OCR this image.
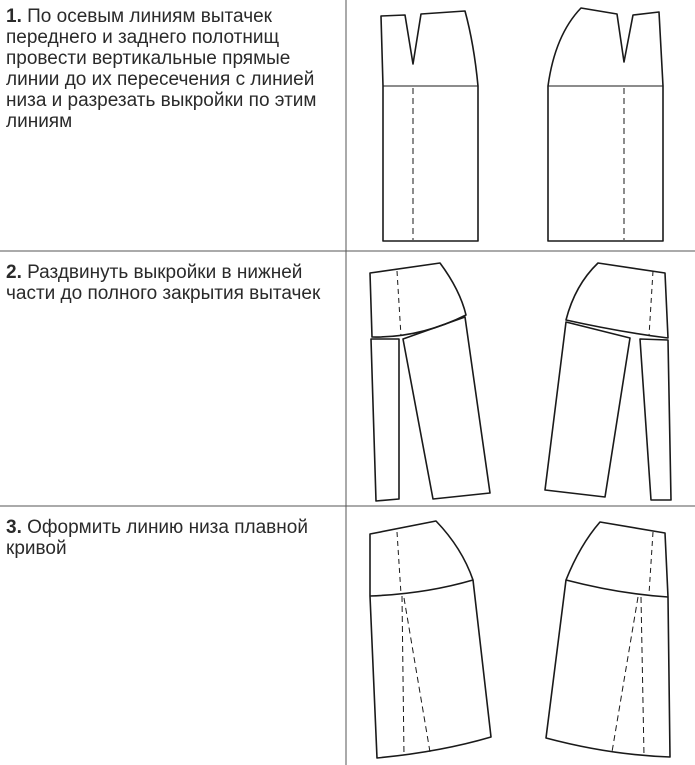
1. По осевым линиям вытачек переднего и заднего полотнищ провести вертикальные прямые линии до их пересечения с линией низа и разрезать выкройки по этим линиям

2. Раздвинуть выкройки в нижней части до полного закрытия вытачек

3. Оформить линию низа плавной кривой
